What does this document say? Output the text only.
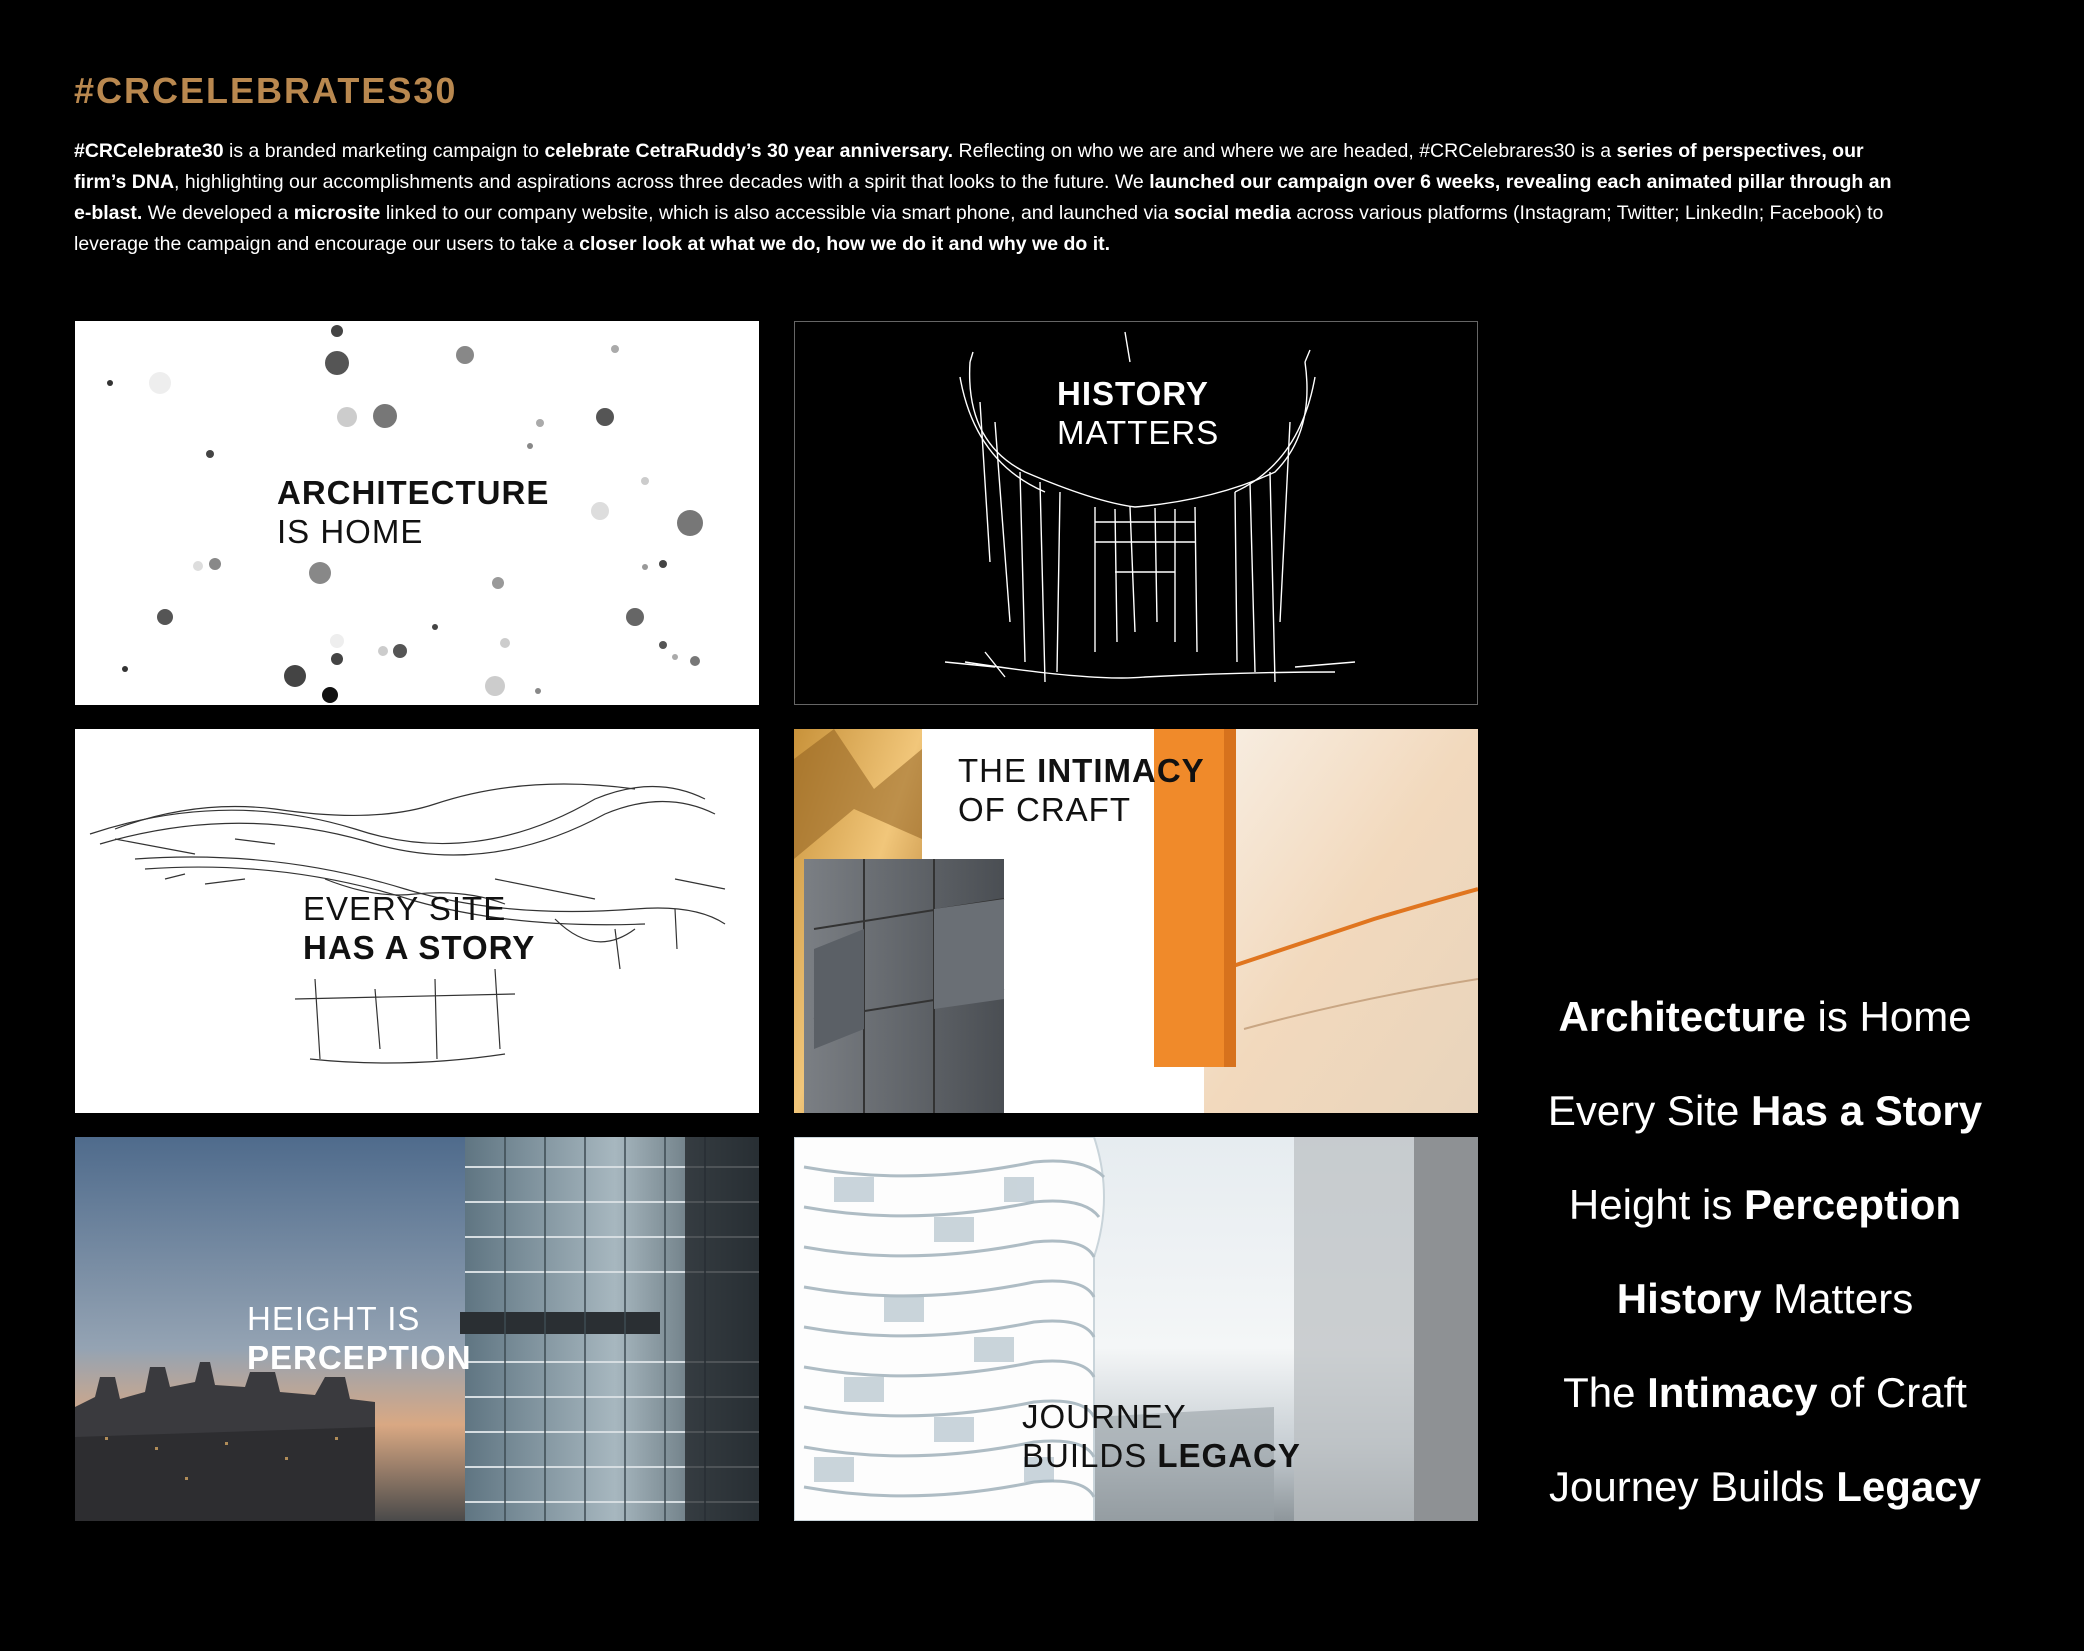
#CRCELEBRATES30
#CRCelebrate30 is a branded marketing campaign to celebrate CetraRuddy’s 30 year anniversary. Reflecting on who we are and where we are headed, #CRCelebrares30 is a series of perspectives, our firm’s DNA, highlighting our accomplishments and aspirations across three decades with a spirit that looks to the future. We launched our campaign over 6 weeks, revealing each animated pillar through an e-blast. We developed a microsite linked to our company website, which is also accessible via smart phone, and launched via social media across various platforms (Instagram; Twitter; LinkedIn; Facebook) to leverage the campaign and encourage our users to take a closer look at what we do, how we do it and why we do it.
ARCHITECTURE
IS HOME
HISTORY
MATTERS
EVERY SITE
HAS A STORY
THE INTIMACY
OF CRAFT
HEIGHT IS
PERCEPTION
JOURNEY
BUILDS LEGACY
Architecture is Home
Every Site Has a Story
Height is Perception
History Matters
The Intimacy of Craft
Journey Builds Legacy
